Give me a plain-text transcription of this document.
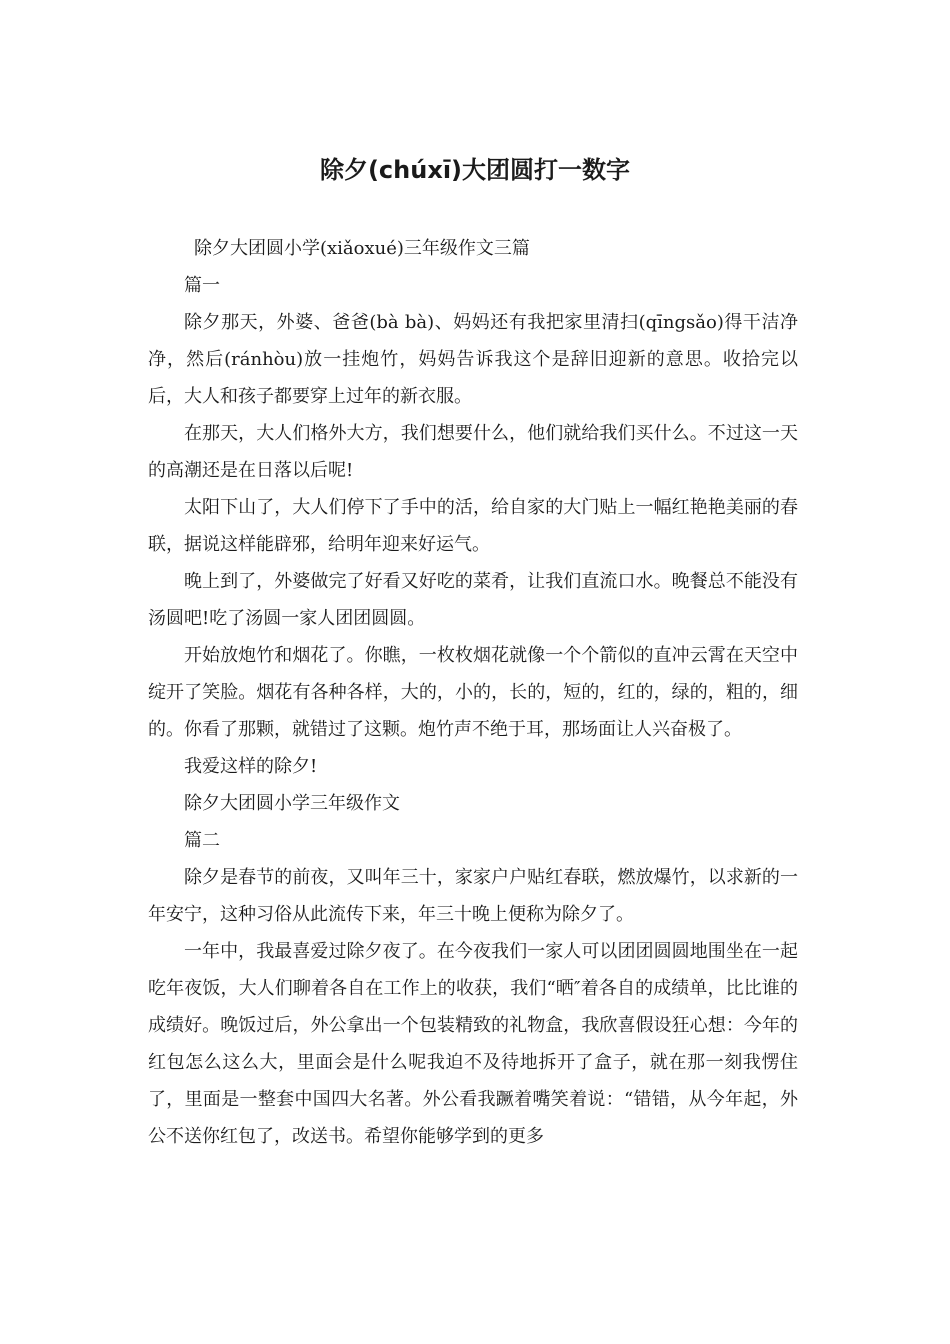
除夕(chúxī)大团圆打一数字

除夕大团圆小学(xiǎoxué)三年级作文三篇

篇一

除夕那天，外婆、爸爸(bà bà)、妈妈还有我把家里清扫(qīngsǎo)得干洁净净，然后(ránhòu)放一挂炮竹，妈妈告诉我这个是辞旧迎新的意思。收拾完以后，大人和孩子都要穿上过年的新衣服。

在那天，大人们格外大方，我们想要什么，他们就给我们买什么。不过这一天的高潮还是在日落以后呢!

太阳下山了，大人们停下了手中的活，给自家的大门贴上一幅红艳艳美丽的春联，据说这样能辟邪，给明年迎来好运气。

晚上到了，外婆做完了好看又好吃的菜肴，让我们直流口水。晚餐总不能没有汤圆吧!吃了汤圆一家人团团圆圆。

开始放炮竹和烟花了。你瞧，一枚枚烟花就像一个个箭似的直冲云霄在天空中绽开了笑脸。烟花有各种各样，大的，小的，长的，短的，红的，绿的，粗的，细的。你看了那颗，就错过了这颗。炮竹声不绝于耳，那场面让人兴奋极了。

我爱这样的除夕!

除夕大团圆小学三年级作文

篇二

除夕是春节的前夜，又叫年三十，家家户户贴红春联，燃放爆竹，以求新的一年安宁，这种习俗从此流传下来，年三十晚上便称为除夕了。

一年中，我最喜爱过除夕夜了。在今夜我们一家人可以团团圆圆地围坐在一起吃年夜饭，大人们聊着各自在工作上的收获，我们“晒″着各自的成绩单，比比谁的成绩好。晚饭过后，外公拿出一个包装精致的礼物盒，我欣喜假设狂心想：今年的红包怎么这么大，里面会是什么呢我迫不及待地拆开了盒子，就在那一刻我愣住了，里面是一整套中国四大名著。外公看我蹶着嘴笑着说：“错错，从今年起，外公不送你红包了，改送书。希望你能够学到的更多
